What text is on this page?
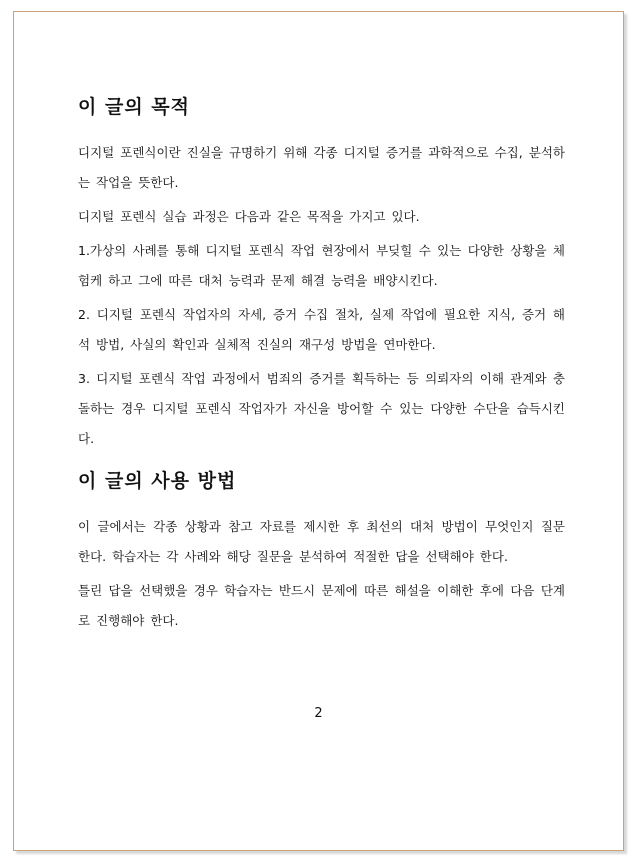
이 글의 목적

디지털 포렌식이란 진실을 규명하기 위해 각종 디지털 증거를 과학적으로 수집, 분석하는 작업을 뜻한다.

디지털 포렌식 실습 과정은 다음과 같은 목적을 가지고 있다.

1.가상의 사례를 통해 디지털 포렌식 작업 현장에서 부딪힐 수 있는 다양한 상황을 체험케 하고 그에 따른 대처 능력과 문제 해결 능력을 배양시킨다.

2. 디지털 포렌식 작업자의 자세, 증거 수집 절차, 실제 작업에 필요한 지식, 증거 해석 방법, 사실의 확인과 실체적 진실의 재구성 방법을 연마한다.

3. 디지털 포렌식 작업 과정에서 범죄의 증거를 획득하는 등 의뢰자의 이해 관계와 충돌하는 경우 디지털 포렌식 작업자가 자신을 방어할 수 있는 다양한 수단을 습득시킨다.

이 글의 사용 방법

이 글에서는 각종 상황과 참고 자료를 제시한 후 최선의 대처 방법이 무엇인지 질문 한다. 학습자는 각 사례와 해당 질문을 분석하여 적절한 답을 선택해야 한다.

틀린 답을 선택했을 경우 학습자는 반드시 문제에 따른 해설을 이해한 후에 다음 단계로 진행해야 한다.

2
